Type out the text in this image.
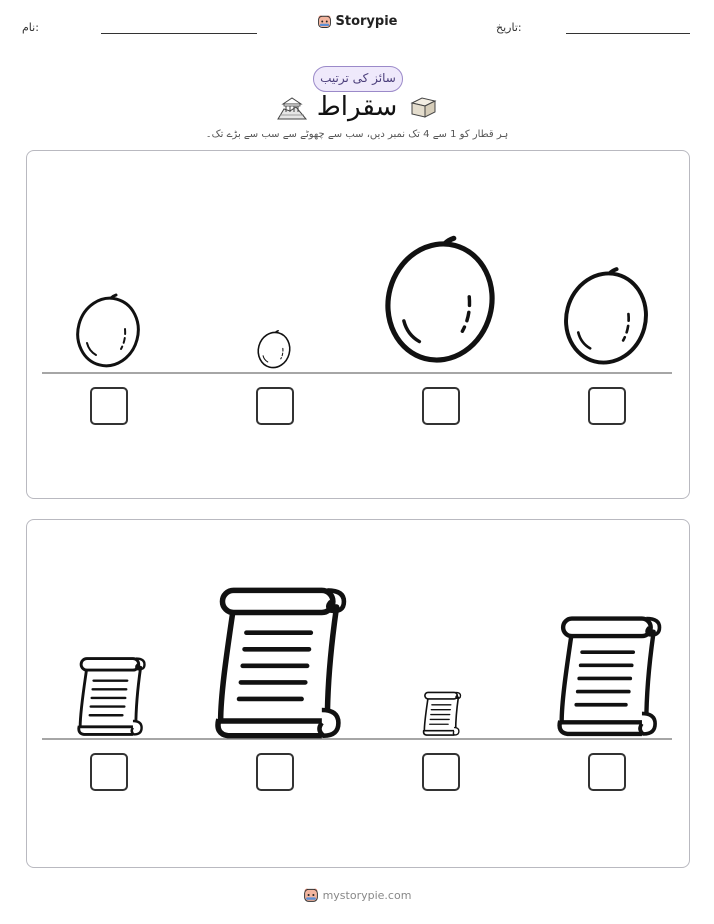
نام:	Storypie	تاریخ:
سائز کی ترتیب
سقراط
ہر قطار کو 1 سے 4 تک نمبر دیں، سب سے چھوٹے سے سب سے بڑے تک۔
mystorypie.com
